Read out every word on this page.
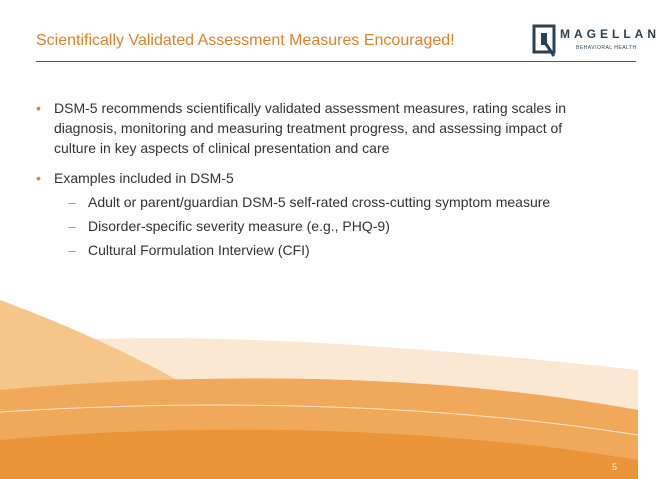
Scientifically Validated Assessment Measures Encouraged!	MAGELLAN
BEHAVIORAL HEALTH
• DSM-5 recommends scientifically validated assessment measures, rating scales in diagnosis, monitoring and measuring treatment progress, and assessing impact of culture in key aspects of clinical presentation and care
• Examples included in DSM-5
– Adult or parent/guardian DSM-5 self-rated cross-cutting symptom measure
– Disorder-specific severity measure (e.g., PHQ-9)
– Cultural Formulation Interview (CFI)
5
